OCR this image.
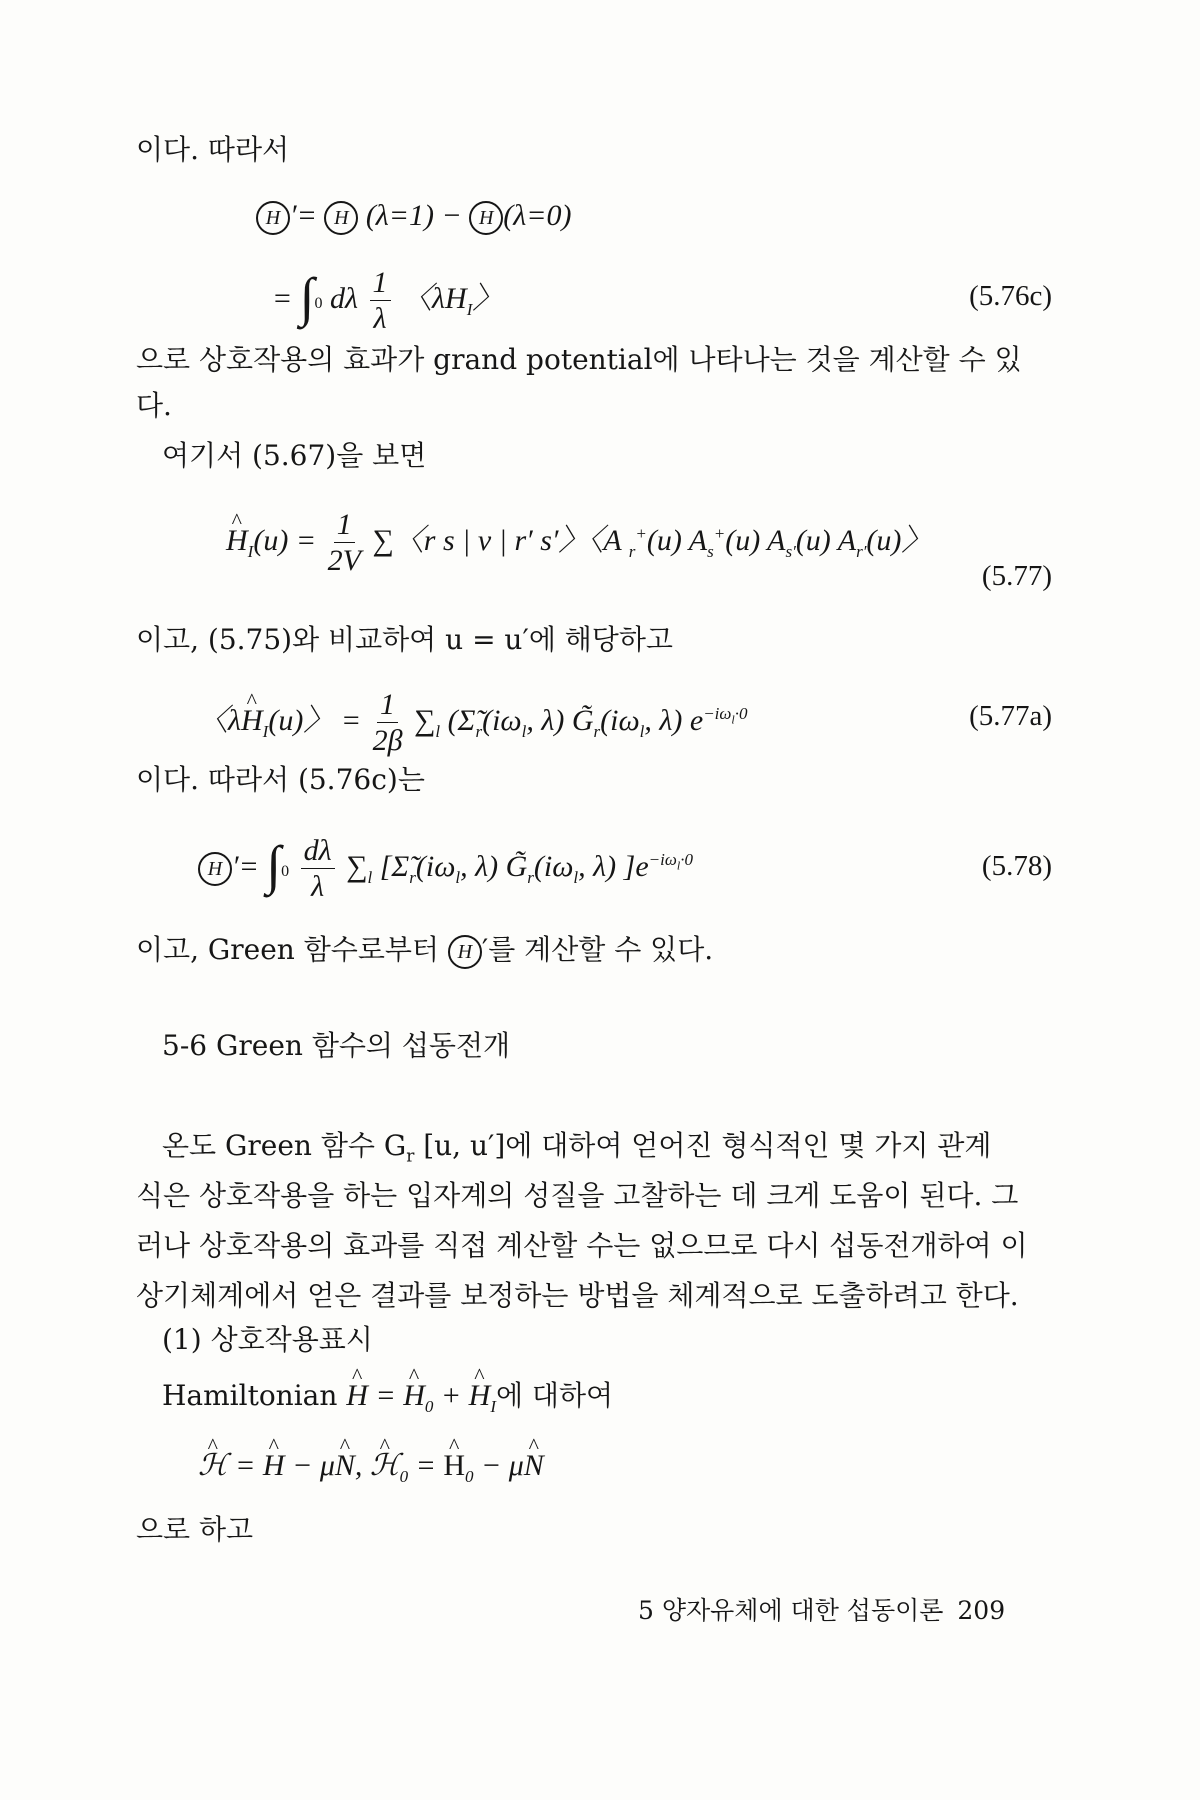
이다. 따라서
H ′= H (λ=1) − H (λ=0)
= ∫0 dλ $\frac{1}{\lambda}$ 〈$\lambda H_I$〉	(5.76c)
으로 상호작용의 효과가 grand potential에 나타나는 것을 계산할 수 있
다.
여기서 (5.67)을 보면
^ $H_I(u) = \frac{1}{2V}$ ∑〈r s | v | r′ s′〉〈A $_r$+(u) $A_s^+(u)$ $A_{s'}(u)$ $A_{r'}(u)$〉
(5.77)
이고, (5.75)와 비교하여 u = u′에 해당하고
〈λ^ $H_I(u)$〉 = $\frac{1}{2\beta} \sum_l$ ($\Sigmã_r(i\omega_l$, λ) $G̃_r(i\omega_l$, λ) $e^{-i\omega_l\cdot 0}$	(5.77a)
이다. 따라서 (5.76c)는
H ′= $\int 0 \frac{d\lambda}{\lambda} \sum_l$ [$\Sigmã_r(i\omega_l$, λ) $G̃_r(i\omega_l$, λ) ]$e^{-i\omega_l\cdot 0}$	(5.78)
이고, Green 함수로부터 H ′를 계산할 수 있다.
5-6 Green 함수의 섭동전개
온도 Green 함수 $G_r$ [u, u′]에 대하여 얻어진 형식적인 몇 가지 관계
식은 상호작용을 하는 입자계의 성질을 고찰하는 데 크게 도움이 된다. 그
러나 상호작용의 효과를 직접 계산할 수는 없으므로 다시 섭동전개하여 이
상기체계에서 얻은 결과를 보정하는 방법을 체계적으로 도출하려고 한다.
(1) 상호작용표시
Hamiltonian ^ H = ^ $H_0$ + ^ $H_I$에 대하여
^ ℋ = ^ H − μ^ N, ^ ℋ$_0$ = ^ $H_0$ − μ^ N
으로 하고
5 양자유체에 대한 섭동이론 209
